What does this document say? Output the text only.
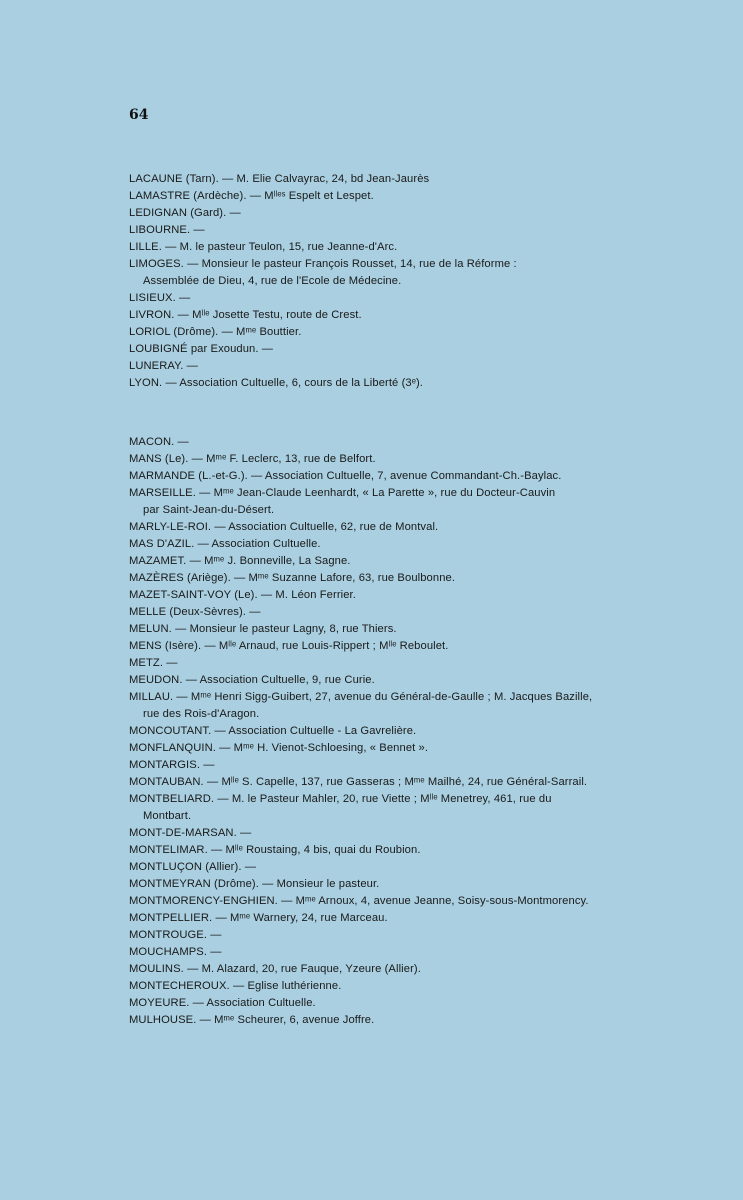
64
LACAUNE (Tarn). — M. Elie Calvayrac, 24, bd Jean-Jaurès
LAMASTRE (Ardèche). — Mˡˡᵉˢ Espelt et Lespet.
LEDIGNAN (Gard). —
LIBOURNE. —
LILLE. — M. le pasteur Teulon, 15, rue Jeanne-d'Arc.
LIMOGES. — Monsieur le pasteur François Rousset, 14, rue de la Réforme :
Assemblée de Dieu, 4, rue de l'Ecole de Médecine.
LISIEUX. —
LIVRON. — Mˡˡᵉ Josette Testu, route de Crest.
LORIOL (Drôme). — Mᵐᵉ Bouttier.
LOUBIGNÉ par Exoudun. —
LUNERAY. —
LYON. — Association Cultuelle, 6, cours de la Liberté (3ᵉ).
MACON. —
MANS (Le). — Mᵐᵉ F. Leclerc, 13, rue de Belfort.
MARMANDE (L.-et-G.). — Association Cultuelle, 7, avenue Commandant-Ch.-Baylac.
MARSEILLE. — Mᵐᵉ Jean-Claude Leenhardt, « La Parette », rue du Docteur-Cauvin
par Saint-Jean-du-Désert.
MARLY-LE-ROI. — Association Cultuelle, 62, rue de Montval.
MAS D'AZIL. — Association Cultuelle.
MAZAMET. — Mᵐᵉ J. Bonneville, La Sagne.
MAZÈRES (Ariège). — Mᵐᵉ Suzanne Lafore, 63, rue Boulbonne.
MAZET-SAINT-VOY (Le). — M. Léon Ferrier.
MELLE (Deux-Sèvres). —
MELUN. — Monsieur le pasteur Lagny, 8, rue Thiers.
MENS (Isère). — Mˡˡᵉ Arnaud, rue Louis-Rippert ; Mˡˡᵉ Reboulet.
METZ. —
MEUDON. — Association Cultuelle, 9, rue Curie.
MILLAU. — Mᵐᵉ Henri Sigg-Guibert, 27, avenue du Général-de-Gaulle ; M. Jacques Bazille,
rue des Rois-d'Aragon.
MONCOUTANT. — Association Cultuelle - La Gavrelière.
MONFLANQUIN. — Mᵐᵉ H. Vienot-Schloesing, « Bennet ».
MONTARGIS. —
MONTAUBAN. — Mˡˡᵉ S. Capelle, 137, rue Gasseras ; Mᵐᵉ Mailhé, 24, rue Général-Sarrail.
MONTBELIARD. — M. le Pasteur Mahler, 20, rue Viette ; Mˡˡᵉ Menetrey, 461, rue du
Montbart.
MONT-DE-MARSAN. —
MONTELIMAR. — Mˡˡᵉ Roustaing, 4 bis, quai du Roubion.
MONTLUÇON (Allier). —
MONTMEYRAN (Drôme). — Monsieur le pasteur.
MONTMORENCY-ENGHIEN. — Mᵐᵉ Arnoux, 4, avenue Jeanne, Soisy-sous-Montmorency.
MONTPELLIER. — Mᵐᵉ Warnery, 24, rue Marceau.
MONTROUGE. —
MOUCHAMPS. —
MOULINS. — M. Alazard, 20, rue Fauque, Yzeure (Allier).
MONTECHEROUX. — Eglise luthérienne.
MOYEURE. — Association Cultuelle.
MULHOUSE. — Mᵐᵉ Scheurer, 6, avenue Joffre.
